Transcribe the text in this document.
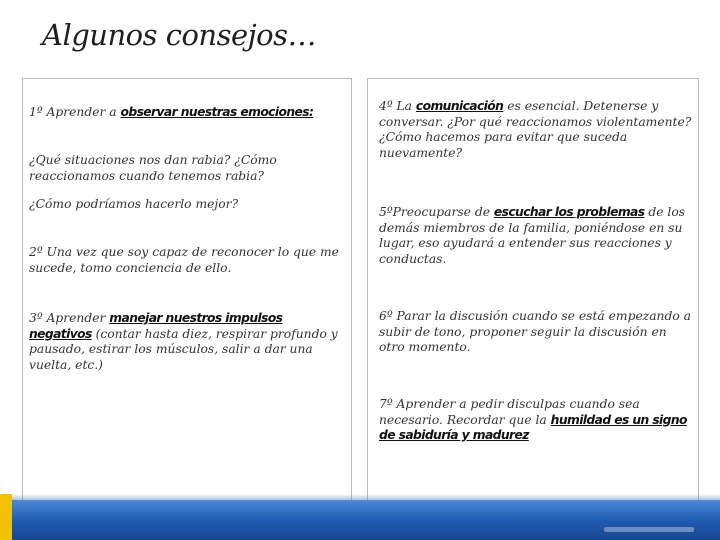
Algunos consejos…
1º Aprender a observar nuestras emociones:
¿Qué situaciones nos dan rabia? ¿Cómo reaccionamos cuando tenemos rabia?
¿Cómo podríamos hacerlo mejor?
2º Una vez que soy capaz de reconocer lo que me sucede, tomo conciencia de ello.
3º Aprender manejar nuestros impulsos negativos (contar hasta diez, respirar profundo y pausado, estirar los músculos, salir a dar una vuelta, etc.)
4º La comunicación es esencial. Detenerse y conversar. ¿Por qué reaccionamos violentamente? ¿Cómo hacemos para evitar que suceda nuevamente?
5ºPreocuparse de escuchar los problemas de los demás miembros de la familia, poniéndose en su lugar, eso ayudará a entender sus reacciones y conductas.
6º Parar la discusión cuando se está empezando a subir de tono, proponer seguir la discusión en otro momento.
7º Aprender a pedir disculpas cuando sea necesario. Recordar que la humildad es un signo de sabiduría y madurez
